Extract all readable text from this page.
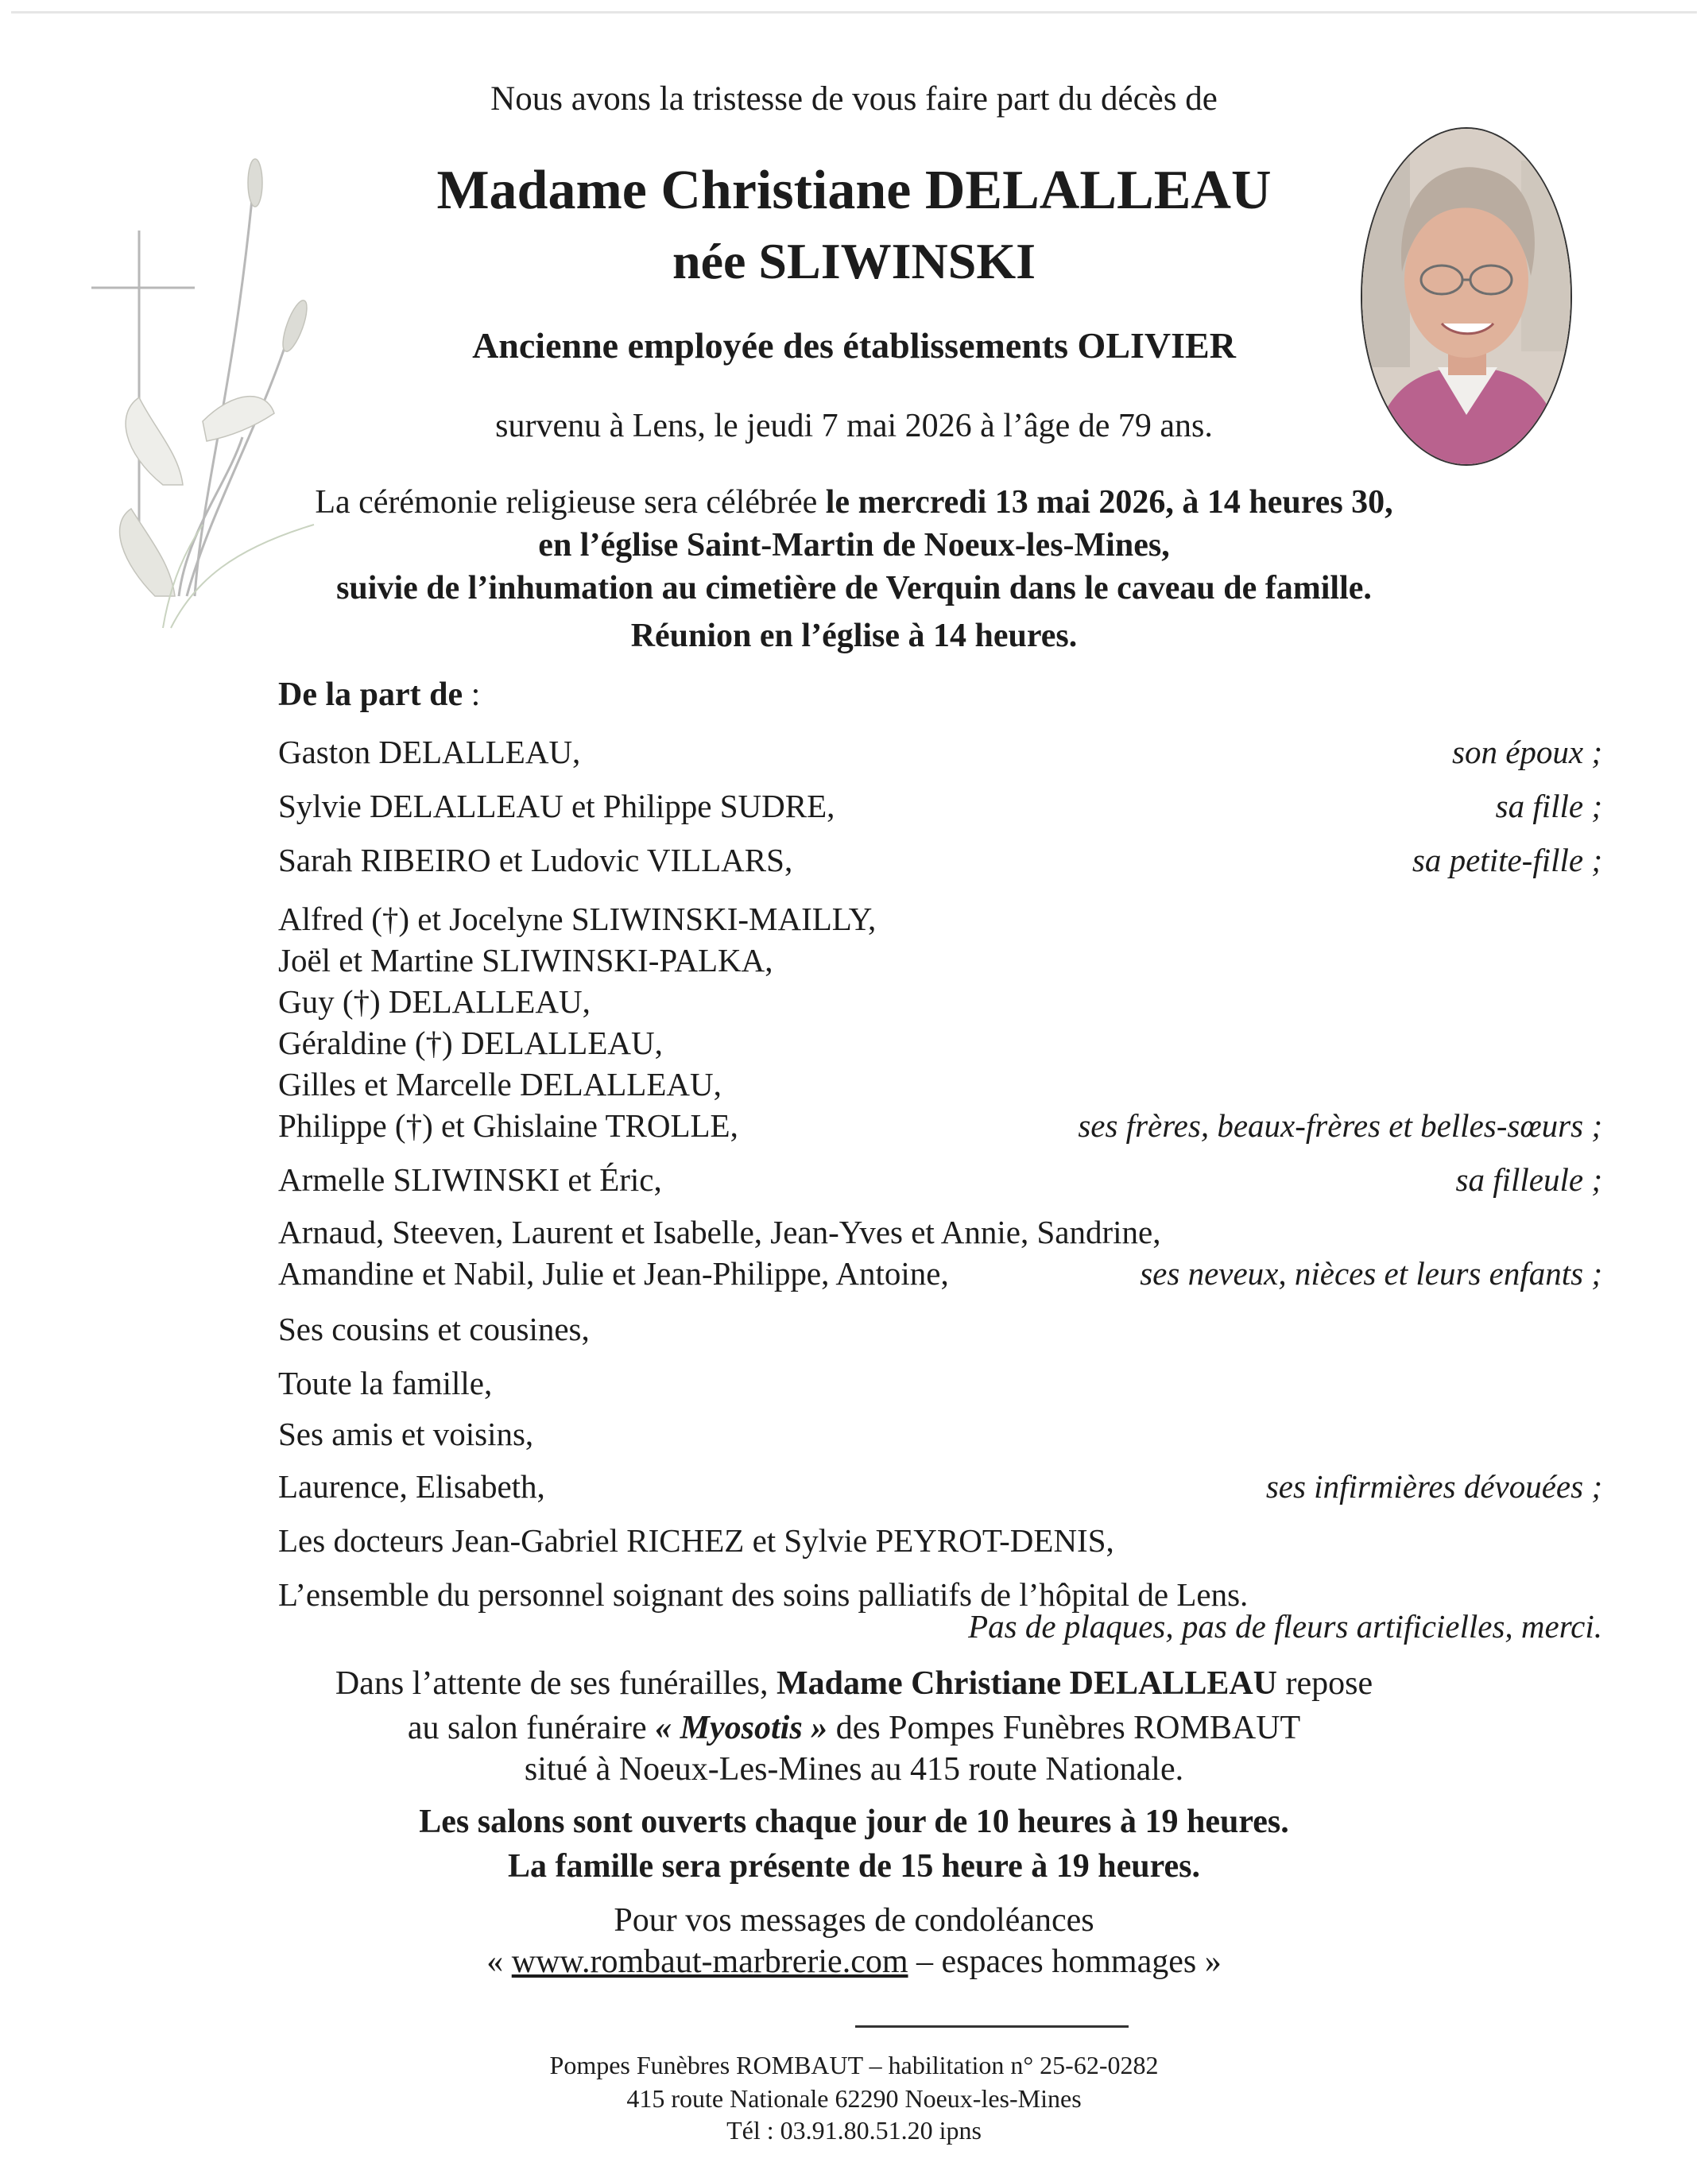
Nous avons la tristesse de vous faire part du décès de
Madame Christiane DELALLEAU
née SLIWINSKI
Ancienne employée des établissements OLIVIER
survenu à Lens, le jeudi 7 mai 2026 à l’âge de 79 ans.
La cérémonie religieuse sera célébrée le mercredi 13 mai 2026, à 14 heures 30,
en l’église Saint-Martin de Noeux-les-Mines,
suivie de l’inhumation au cimetière de Verquin dans le caveau de famille.
Réunion en l’église à 14 heures.
De la part de :
Gaston DELALLEAU,	son époux ;
Sylvie DELALLEAU et Philippe SUDRE,	sa fille ;
Sarah RIBEIRO et Ludovic VILLARS,	sa petite-fille ;
Alfred (†) et Jocelyne SLIWINSKI-MAILLY,
Joël et Martine SLIWINSKI-PALKA,
Guy (†) DELALLEAU,
Géraldine (†) DELALLEAU,
Gilles et Marcelle DELALLEAU,
Philippe (†) et Ghislaine TROLLE,	ses frères, beaux-frères et belles-sœurs ;
Armelle SLIWINSKI et Éric,	sa filleule ;
Arnaud, Steeven, Laurent et Isabelle, Jean-Yves et Annie, Sandrine,
Amandine et Nabil, Julie et Jean-Philippe, Antoine,	ses neveux, nièces et leurs enfants ;
Ses cousins et cousines,
Toute la famille,
Ses amis et voisins,
Laurence, Elisabeth,	ses infirmières dévouées ;
Les docteurs Jean-Gabriel RICHEZ et Sylvie PEYROT-DENIS,
L’ensemble du personnel soignant des soins palliatifs de l’hôpital de Lens.
Pas de plaques, pas de fleurs artificielles, merci.
Dans l’attente de ses funérailles, Madame Christiane DELALLEAU repose
au salon funéraire « Myosotis » des Pompes Funèbres ROMBAUT
situé à Noeux-Les-Mines au 415 route Nationale.
Les salons sont ouverts chaque jour de 10 heures à 19 heures.
La famille sera présente de 15 heure à 19 heures.
Pour vos messages de condoléances
« www.rombaut-marbrerie.com – espaces hommages »
Pompes Funèbres ROMBAUT – habilitation n° 25-62-0282
415 route Nationale 62290 Noeux-les-Mines
Tél : 03.91.80.51.20 ipns
